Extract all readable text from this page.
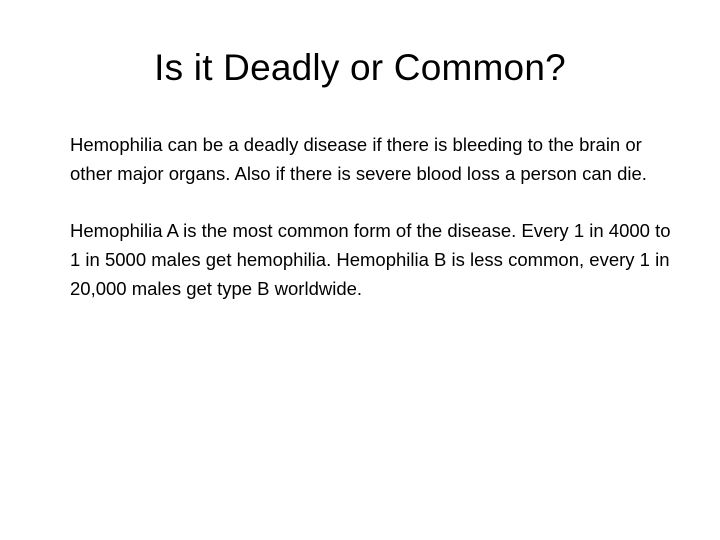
Is it Deadly or Common?

Hemophilia can be a deadly disease if there is bleeding to the brain or other major organs. Also if there is severe blood loss a person can die.

Hemophilia A is the most common form of the disease. Every 1 in 4000 to 1 in 5000 males get hemophilia. Hemophilia B is less common, every 1 in 20,000 males get type B worldwide.
